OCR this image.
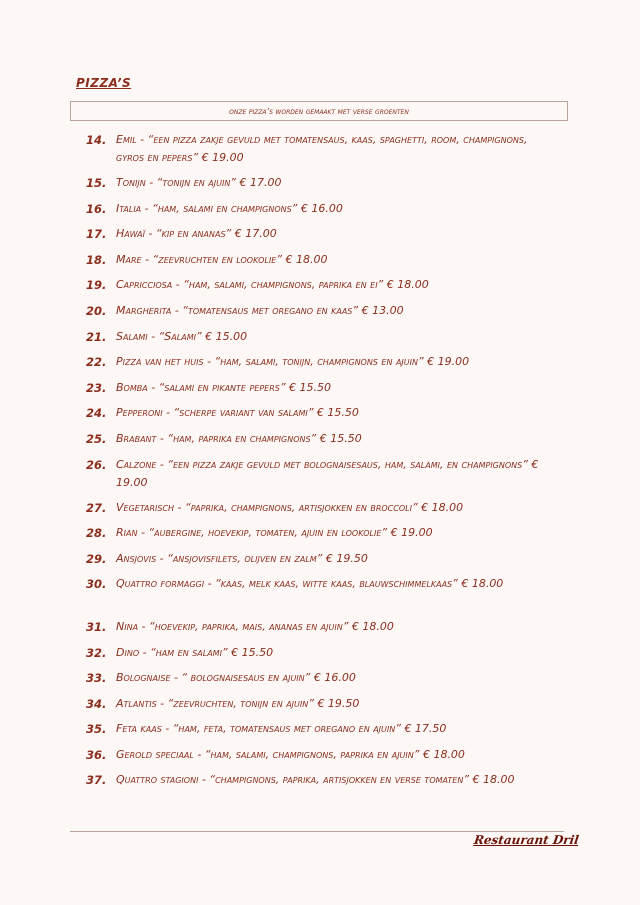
PIZZA’S
onze pizza’s worden gemaakt met verse groenten
14. Emil - “een pizza zakje gevuld met tomatensaus, kaas, spaghetti, room, champignons, gyros en pepers” € 19.00
15. Tonijn - “tonijn en ajuin” € 17.00
16. Italia - “ham, salami en champignons” € 16.00
17. Hawaï - “kip en ananas” € 17.00
18. Mare - “zeevruchten en lookolie” € 18.00
19. Capricciosa - “ham, salami, champignons, paprika en ei” € 18.00
20. Margherita - “tomatensaus met oregano en kaas” € 13.00
21. Salami - “Salami” € 15.00
22. Pizza van het huis - “ham, salami, tonijn, champignons en ajuin” € 19.00
23. Bomba - “salami en pikante pepers” € 15.50
24. Pepperoni - “scherpe variant van salami” € 15.50
25. Brabant - “ham, paprika en champignons” € 15.50
26. Calzone - “een pizza zakje gevuld met bolognaisesaus, ham, salami, en champignons” € 19.00
27. Vegetarisch - “paprika, champignons, artisjokken en broccoli” € 18.00
28. Rian - “aubergine, hoevekip, tomaten, ajuin en lookolie” € 19.00
29. Ansjovis - “ansjovisfilets, olijven en zalm” € 19.50
30. Quattro formaggi - “kaas, melk kaas, witte kaas, blauwschimmelkaas” € 18.00
31. Nina - “hoevekip, paprika, mais, ananas en ajuin” € 18.00
32. Dino - “ham en salami” € 15.50
33. Bolognaise - “ bolognaisesaus en ajuin” € 16.00
34. Atlantis - “zeevruchten, tonijn en ajuin” € 19.50
35. Feta kaas - “ham, feta, tomatensaus met oregano en ajuin” € 17.50
36. Gerold speciaal - “ham, salami, champignons, paprika en ajuin” € 18.00
37. Quattro stagioni - “champignons, paprika, artisjokken en verse tomaten” € 18.00
Restaurant Dril
